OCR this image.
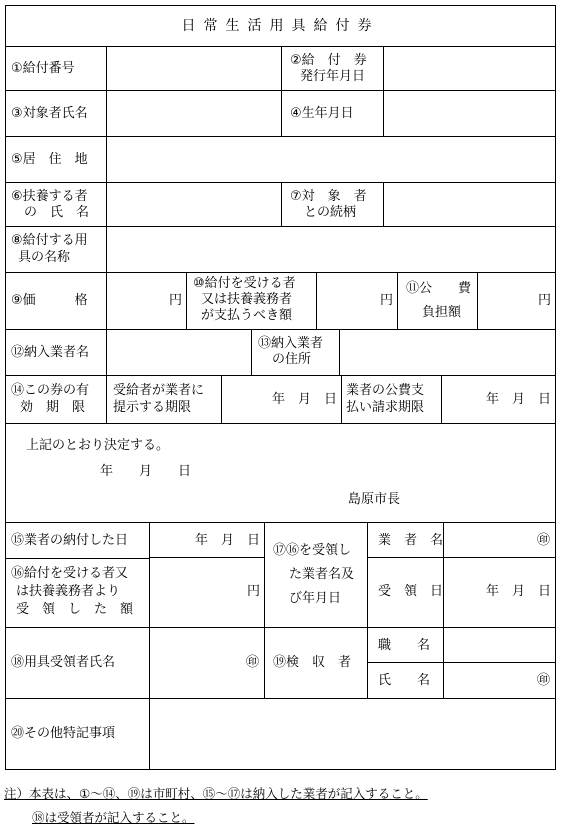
日常生活用具給付券
①給付番号
②給　付　券
発行年月日
③対象者氏名	④生年月日
⑤居　住　地
⑥扶養する者
の　氏　名
⑦対　象　者
との続柄
⑧給付する用
具の名称
⑨価　　　格	円
⑩給付を受ける者
又は扶養義務者
が支払うべき額
円
⑪公　　費
負担額
円
⑫納入業者名
⑬納入業者
の住所
⑭この券の有
効　期　限
受給者が業者に
提示する期限
年　月　日
業者の公費支
払い請求期限
年　月　日
上記のとおり決定する。
年　　月　　日
島原市長
⑮業者の納付した日	年　月　日
⑯給付を受ける者又
は扶養義務者より
受　領　し　た　額
円
⑰⑯を受領し
た業者名及
び年月日
業　者　名	㊞
受　領　日	年　月　日
⑱用具受領者氏名	㊞ ⑲検　収　者
職　　名
氏　　名	㊞
⑳その他特記事項
注）本表は、①～⑭、⑲は市町村、⑮～⑰は納入した業者が記入すること。
⑱は受領者が記入すること。
